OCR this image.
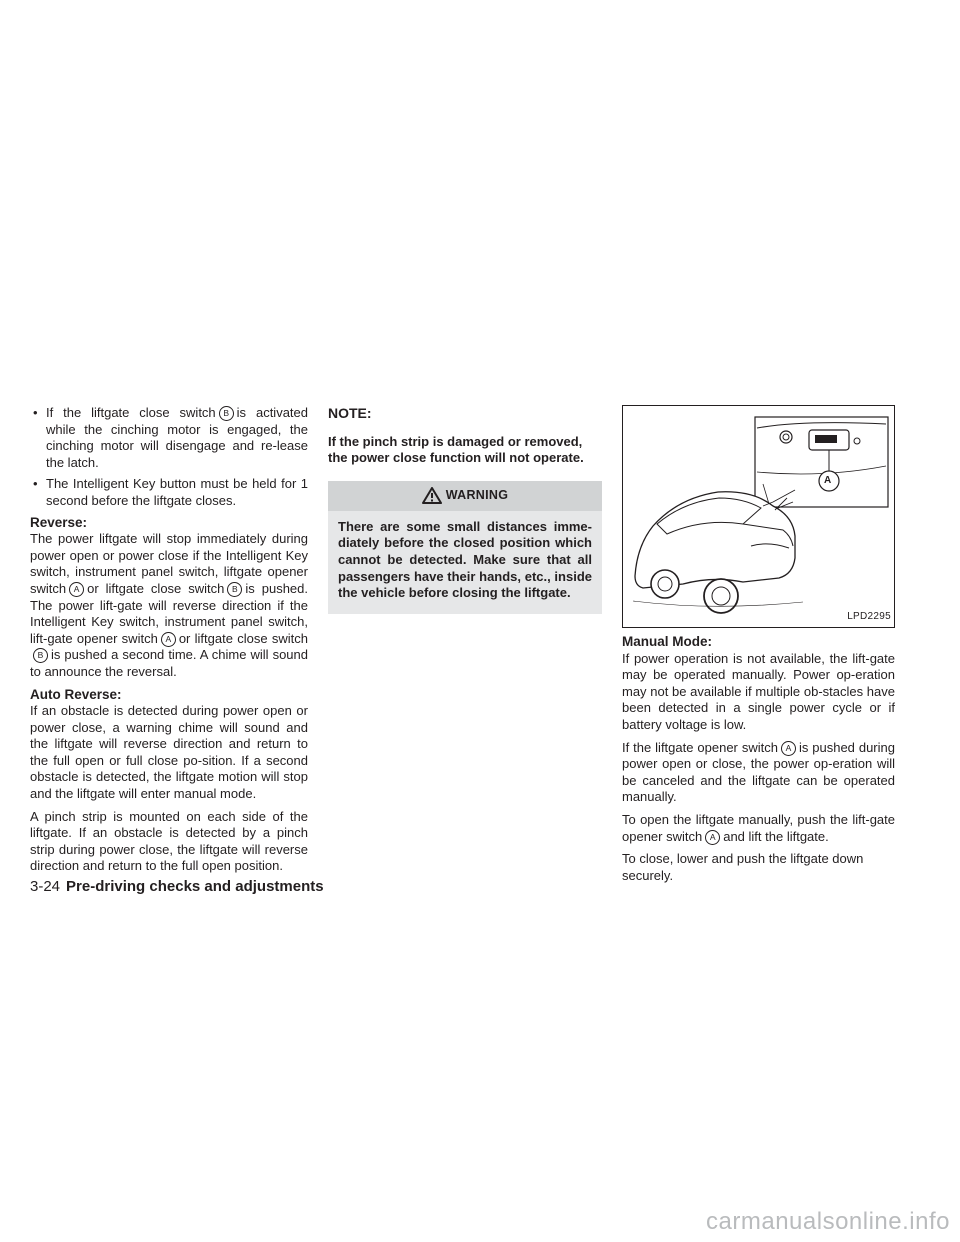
• If the liftgate close switch B is activated while the cinching motor is engaged, the cinching motor will disengage and re-lease the latch.
• The Intelligent Key button must be held for 1 second before the liftgate closes.
Reverse:

The power liftgate will stop immediately during power open or power close if the Intelligent Key switch, instrument panel switch, liftgate opener switch A or liftgate close switch B is pushed. The power lift-gate will reverse direction if the Intelligent Key switch, instrument panel switch, lift-gate opener switch A or liftgate close switchB is pushed a second time. A chime will sound to announce the reversal.

Auto Reverse:

If an obstacle is detected during power open or power close, a warning chime will sound and the liftgate will reverse direction and return to the full open or full close po-sition. If a second obstacle is detected, the liftgate motion will stop and the liftgate will enter manual mode.

A pinch strip is mounted on each side of the liftgate. If an obstacle is detected by a pinch strip during power close, the liftgate will reverse direction and return to the full open position.

NOTE:
If the pinch strip is damaged or removed, the power close function will not operate.
WARNING
There are some small distances imme-diately before the closed position which cannot be detected. Make sure that all passengers have their hands, etc., inside the vehicle before closing the liftgate.
A
LPD2295
Manual Mode:

If power operation is not available, the lift-gate may be operated manually. Power op-eration may not be available if multiple ob-stacles have been detected in a single power cycle or if battery voltage is low.

If the liftgate opener switch A is pushed during power open or close, the power op-eration will be canceled and the liftgate can be operated manually.

To open the liftgate manually, push the lift-gate opener switch A and lift the liftgate.

To close, lower and push the liftgate down securely.

3-24 Pre-driving checks and adjustments
carmanualsonline.info
